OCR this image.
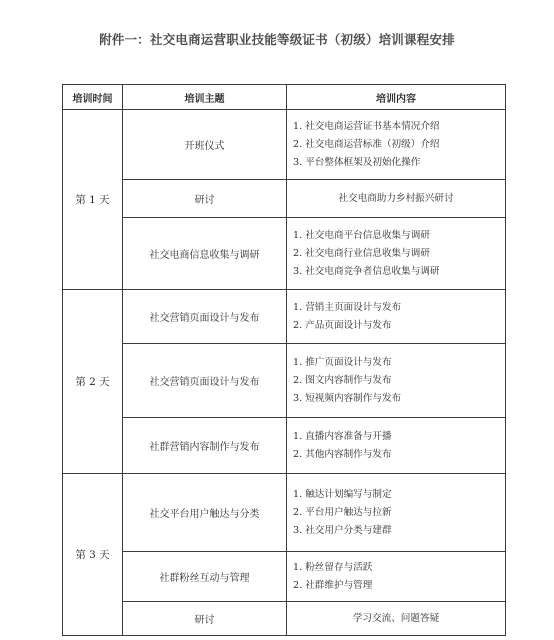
附件一：社交电商运营职业技能等级证书（初级）培训课程安排
培训时间	培训主题	培训内容
第 1 天	开班仪式	1. 社交电商运营证书基本情况介绍
2. 社交电商运营标准（初级）介绍
3. 平台整体框架及初始化操作

	研讨	社交电商助力乡村振兴研讨

	社交电商信息收集与调研	1. 社交电商平台信息收集与调研
2. 社交电商行业信息收集与调研
3. 社交电商竞争者信息收集与调研

第 2 天	社交营销页面设计与发布	1. 营销主页面设计与发布
2. 产品页面设计与发布

	社交营销页面设计与发布	1. 推广页面设计与发布
2. 图文内容制作与发布
3. 短视频内容制作与发布

	社群营销内容制作与发布	1. 直播内容准备与开播
2. 其他内容制作与发布

第 3 天	社交平台用户触达与分类	1. 触达计划编写与制定
2. 平台用户触达与拉新
3. 社交用户分类与建群

	社群粉丝互动与管理	1. 粉丝留存与活跃
2. 社群维护与管理

	研讨	学习交流、问题答疑
